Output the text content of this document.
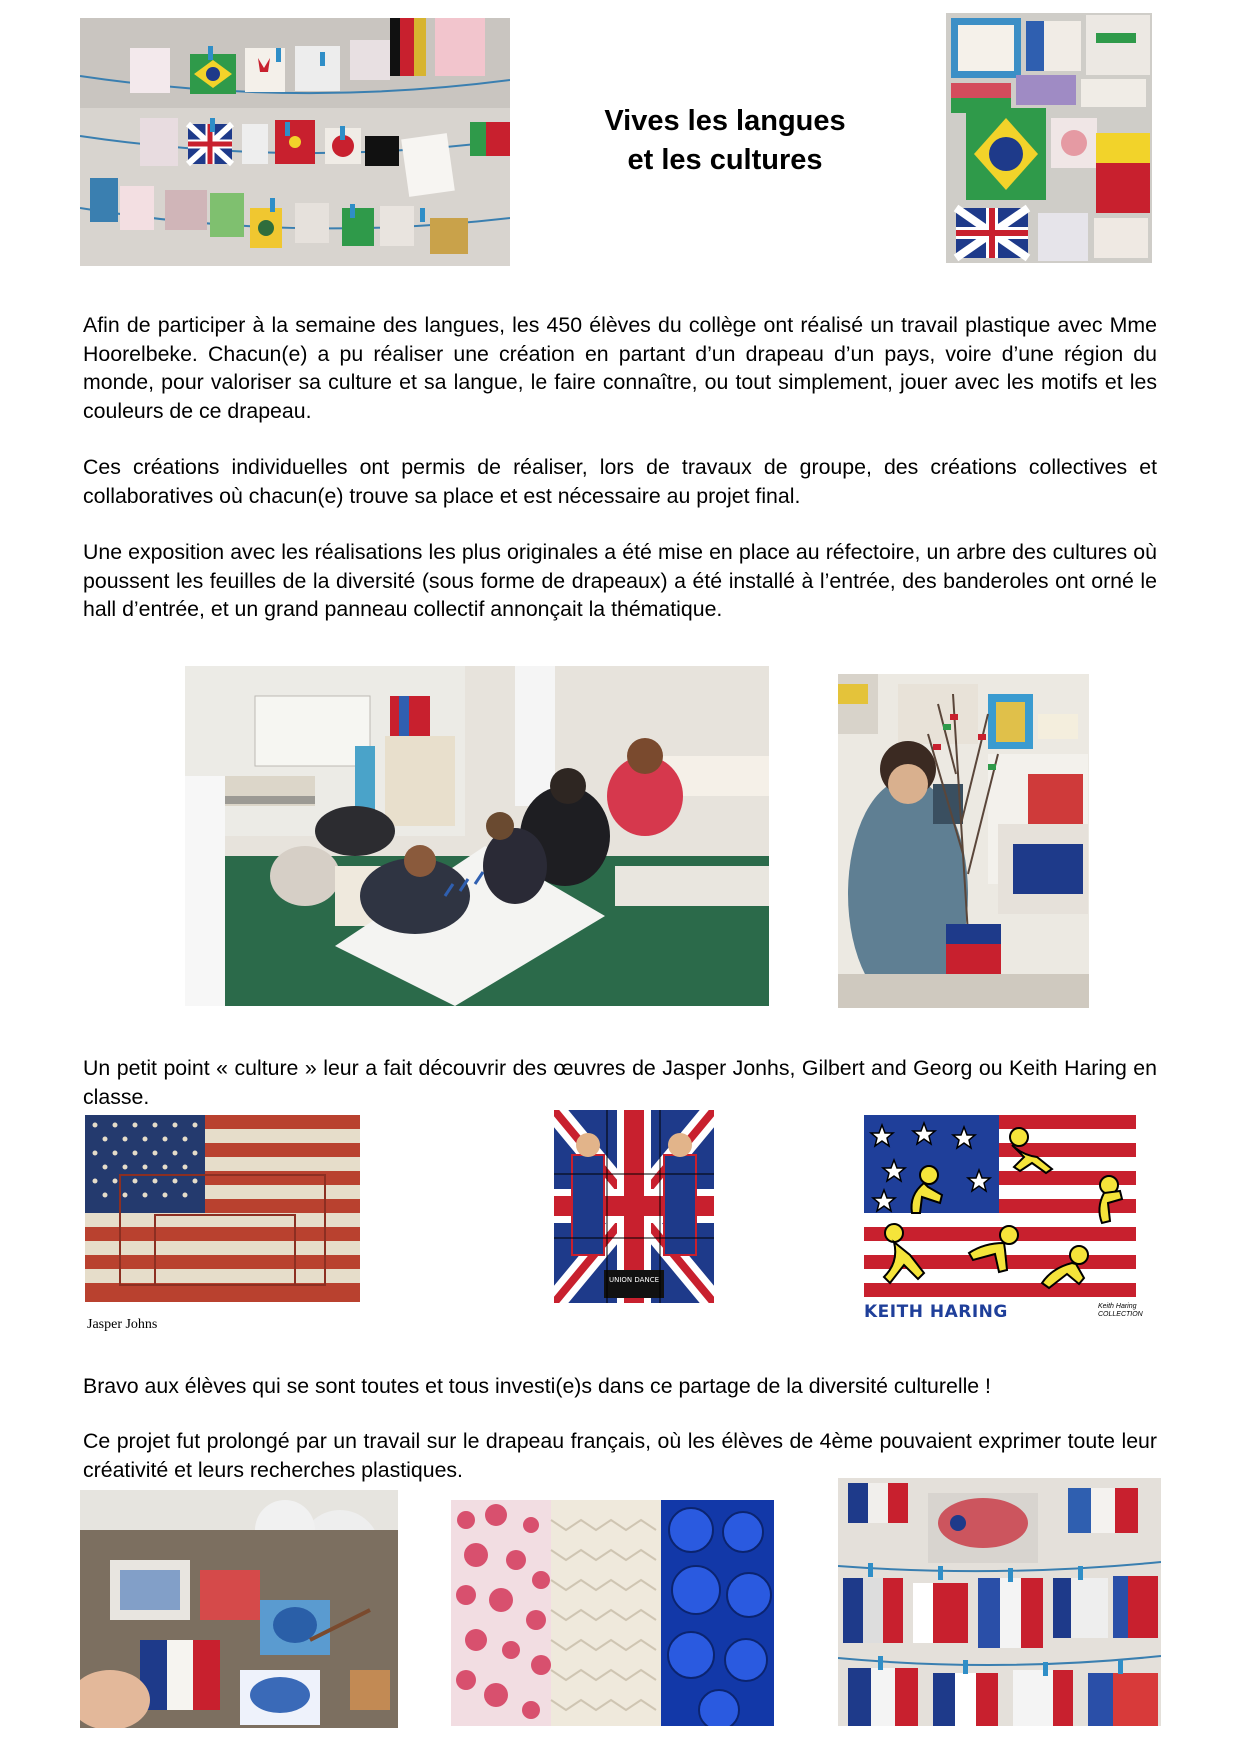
Vives les langues
et les cultures

Afin de participer à la semaine des langues, les 450 élèves du collège ont réalisé un travail plastique avec Mme Hoorelbeke. Chacun(e) a pu réaliser une création en partant d’un drapeau d’un pays, voire d’une région du monde, pour valoriser sa culture et sa langue, le faire connaître, ou tout simplement, jouer avec les motifs et les couleurs de ce drapeau.

Ces créations individuelles ont permis de réaliser, lors de travaux de groupe, des créations collectives et collaboratives où chacun(e) trouve sa place et est nécessaire au projet final.

Une exposition avec les réalisations les plus originales a été mise en place au réfectoire, un arbre des cultures où poussent les feuilles de la diversité (sous forme de drapeaux) a été installé à l’entrée, des banderoles ont orné le hall d’entrée, et un grand panneau collectif annonçait la thématique.

Un petit point « culture » leur a fait découvrir des œuvres de Jasper Jonhs, Gilbert and Georg ou Keith Haring en classe.

Jasper Johns
UNION DANCE
KEITH HARING	Keith Haring COLLECTION

Bravo aux élèves qui se sont toutes et tous investi(e)s dans ce partage de la diversité culturelle !

Ce projet fut prolongé par un travail sur le drapeau français, où les élèves de 4ème pouvaient exprimer toute leur créativité et leurs recherches plastiques.
